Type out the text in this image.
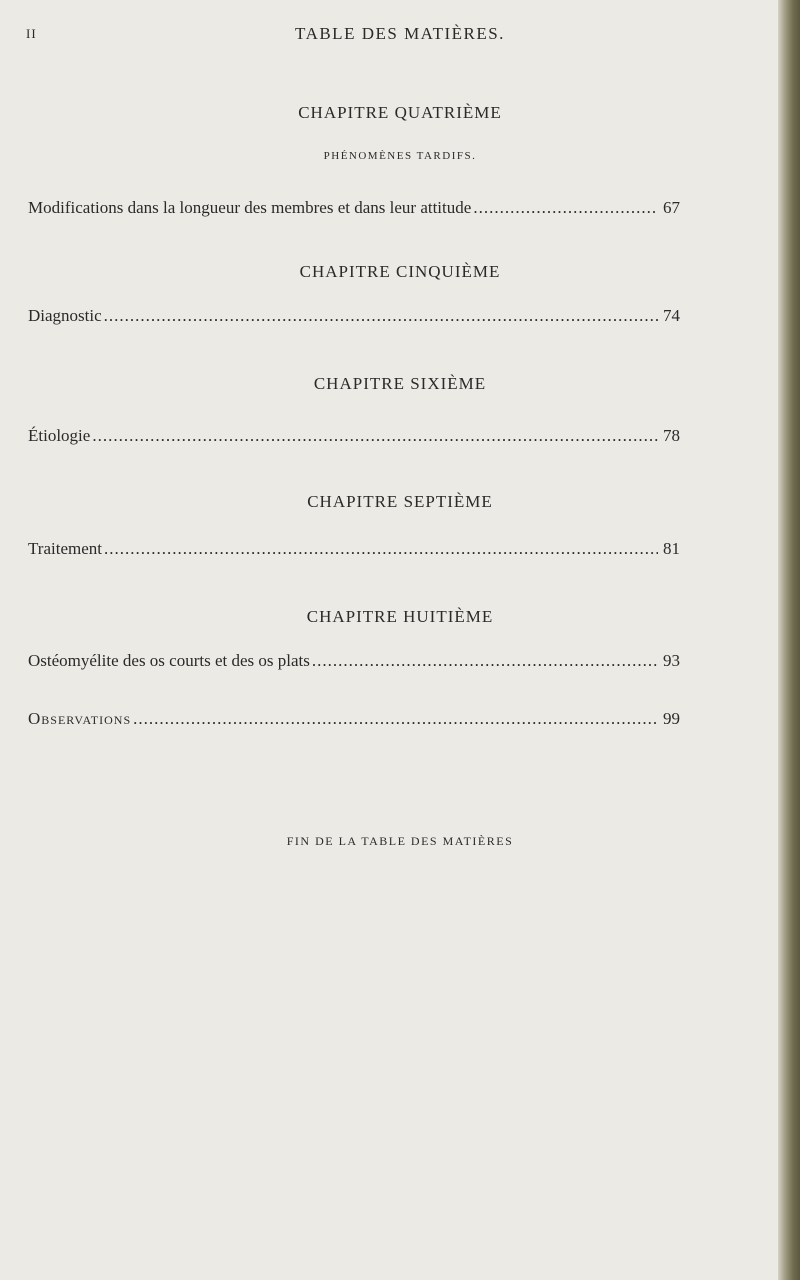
II	TABLE DES MATIÈRES.
CHAPITRE QUATRIÈME
PHÉNOMÈNES TARDIFS.
Modifications dans la longueur des membres et dans leur attitude .....	67
CHAPITRE CINQUIÈME
Diagnostic .....	74
CHAPITRE SIXIÈME
Étiologie .....	78
CHAPITRE SEPTIÈME
Traitement .....	81
CHAPITRE HUITIÈME
Ostéomyélite des os courts et des os plats .....	93
Observations .....	99
FIN DE LA TABLE DES MATIÈRES
